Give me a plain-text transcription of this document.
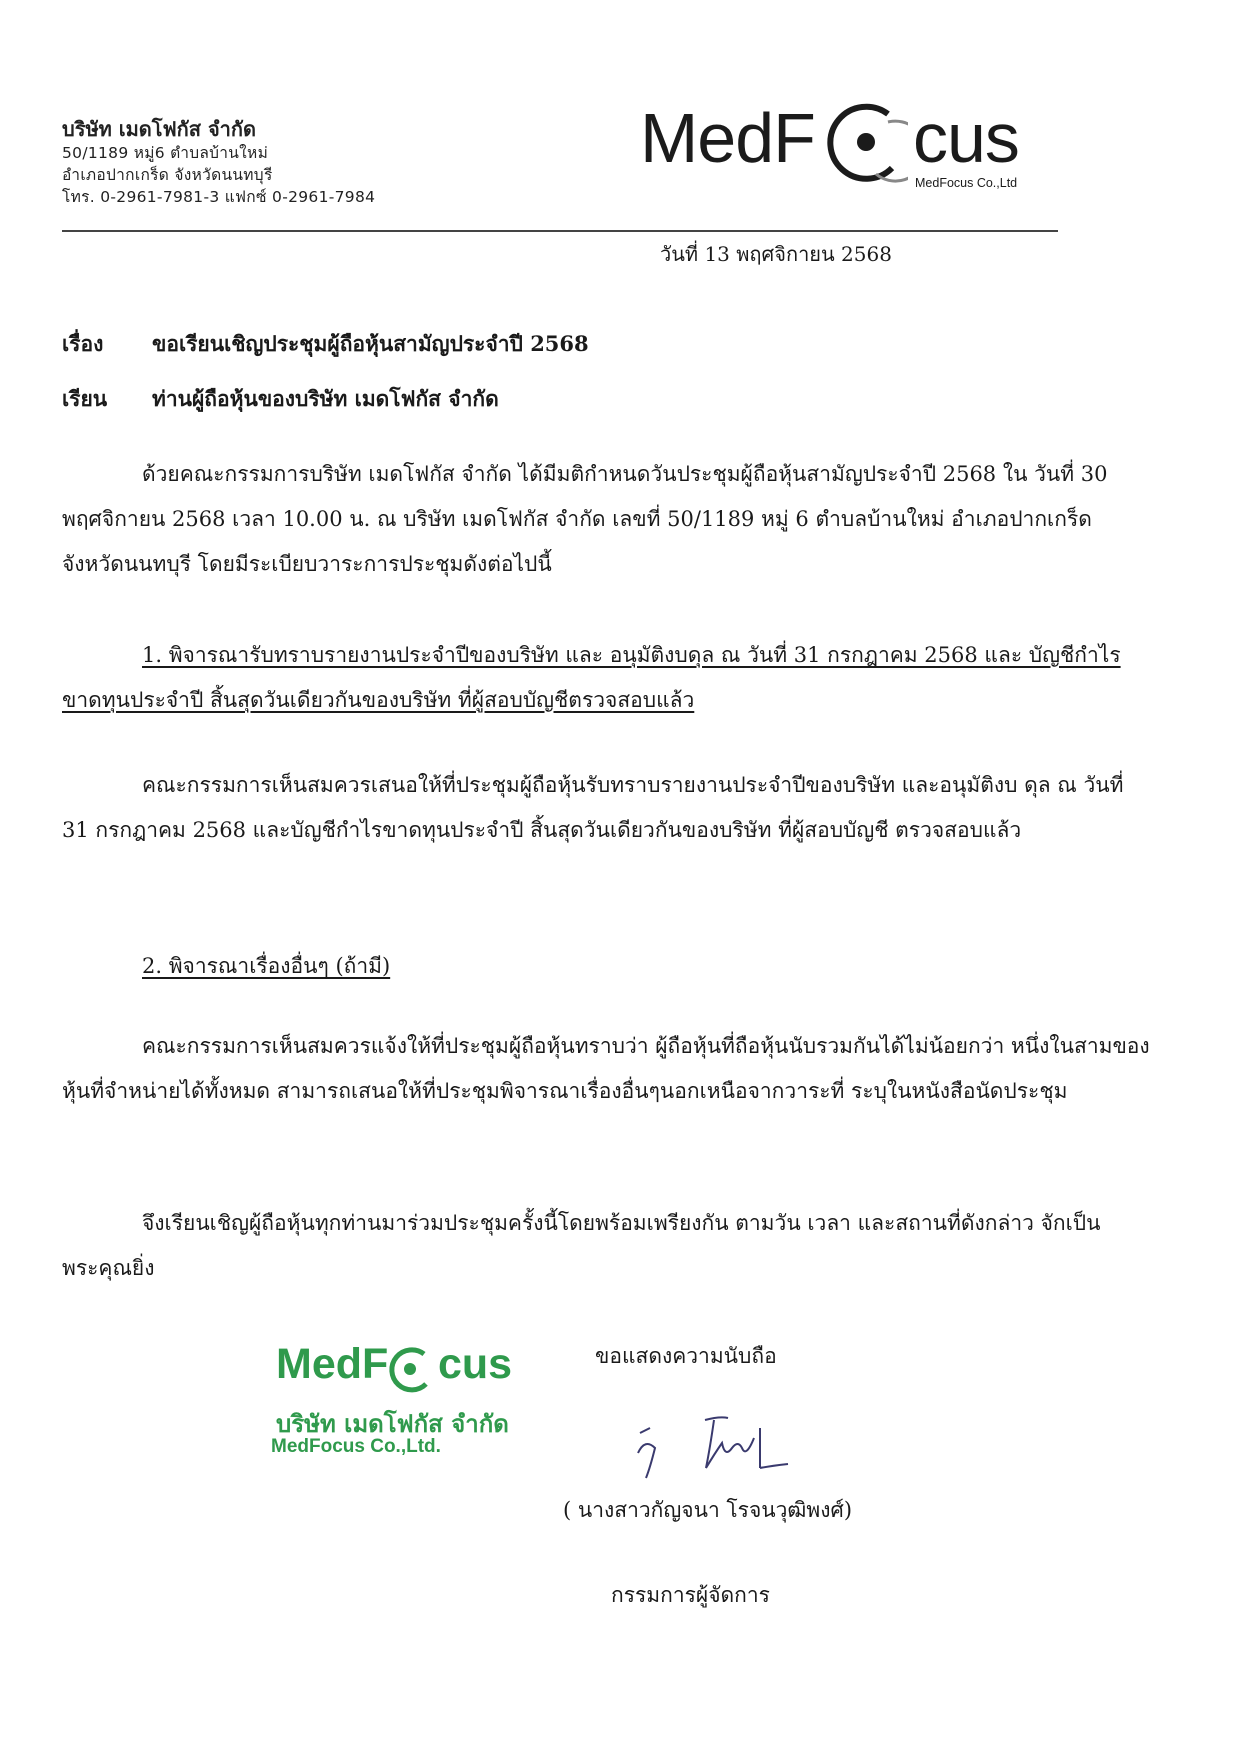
บริษัท เมดโฟกัส จำกัด
50/1189 หมู่6 ตำบลบ้านใหม่
อำเภอปากเกร็ด จังหวัดนนทบุรี
โทร. 0-2961-7981-3 แฟกซ์ 0-2961-7984
MedF cus
MedFocus Co.,Ltd
วันที่ 13 พฤศจิกายน 2568
เรื่อง ขอเรียนเชิญประชุมผู้ถือหุ้นสามัญประจำปี 2568
เรียน ท่านผู้ถือหุ้นของบริษัท เมดโฟกัส จำกัด
ด้วยคณะกรรมการบริษัท เมดโฟกัส จำกัด ได้มีมติกำหนดวันประชุมผู้ถือหุ้นสามัญประจำปี 2568 ใน วันที่ 30 พฤศจิกายน 2568 เวลา 10.00 น. ณ บริษัท เมดโฟกัส จำกัด เลขที่ 50/1189 หมู่ 6 ตำบลบ้านใหม่ อำเภอปากเกร็ด จังหวัดนนทบุรี โดยมีระเบียบวาระการประชุมดังต่อไปนี้
1. พิจารณารับทราบรายงานประจำปีของบริษัท และ อนุมัติงบดุล ณ วันที่ 31 กรกฎาคม 2568 และ บัญชีกำไรขาดทุนประจำปี สิ้นสุดวันเดียวกันของบริษัท ที่ผู้สอบบัญชีตรวจสอบแล้ว
คณะกรรมการเห็นสมควรเสนอให้ที่ประชุมผู้ถือหุ้นรับทราบรายงานประจำปีของบริษัท และอนุมัติงบ ดุล ณ วันที่ 31 กรกฎาคม 2568 และบัญชีกำไรขาดทุนประจำปี สิ้นสุดวันเดียวกันของบริษัท ที่ผู้สอบบัญชี ตรวจสอบแล้ว
2. พิจารณาเรื่องอื่นๆ (ถ้ามี)
คณะกรรมการเห็นสมควรแจ้งให้ที่ประชุมผู้ถือหุ้นทราบว่า ผู้ถือหุ้นที่ถือหุ้นนับรวมกันได้ไม่น้อยกว่า หนึ่งในสามของหุ้นที่จำหน่ายได้ทั้งหมด สามารถเสนอให้ที่ประชุมพิจารณาเรื่องอื่นๆนอกเหนือจากวาระที่ ระบุในหนังสือนัดประชุม
จึงเรียนเชิญผู้ถือหุ้นทุกท่านมาร่วมประชุมครั้งนี้โดยพร้อมเพรียงกัน ตามวัน เวลา และสถานที่ดังกล่าว จักเป็นพระคุณยิ่ง
MedF cus
บริษัท เมดโฟกัส จำกัด
MedFocus Co.,Ltd.
ขอแสดงความนับถือ
( นางสาวกัญจนา โรจนวุฒิพงศ์)
กรรมการผู้จัดการ
